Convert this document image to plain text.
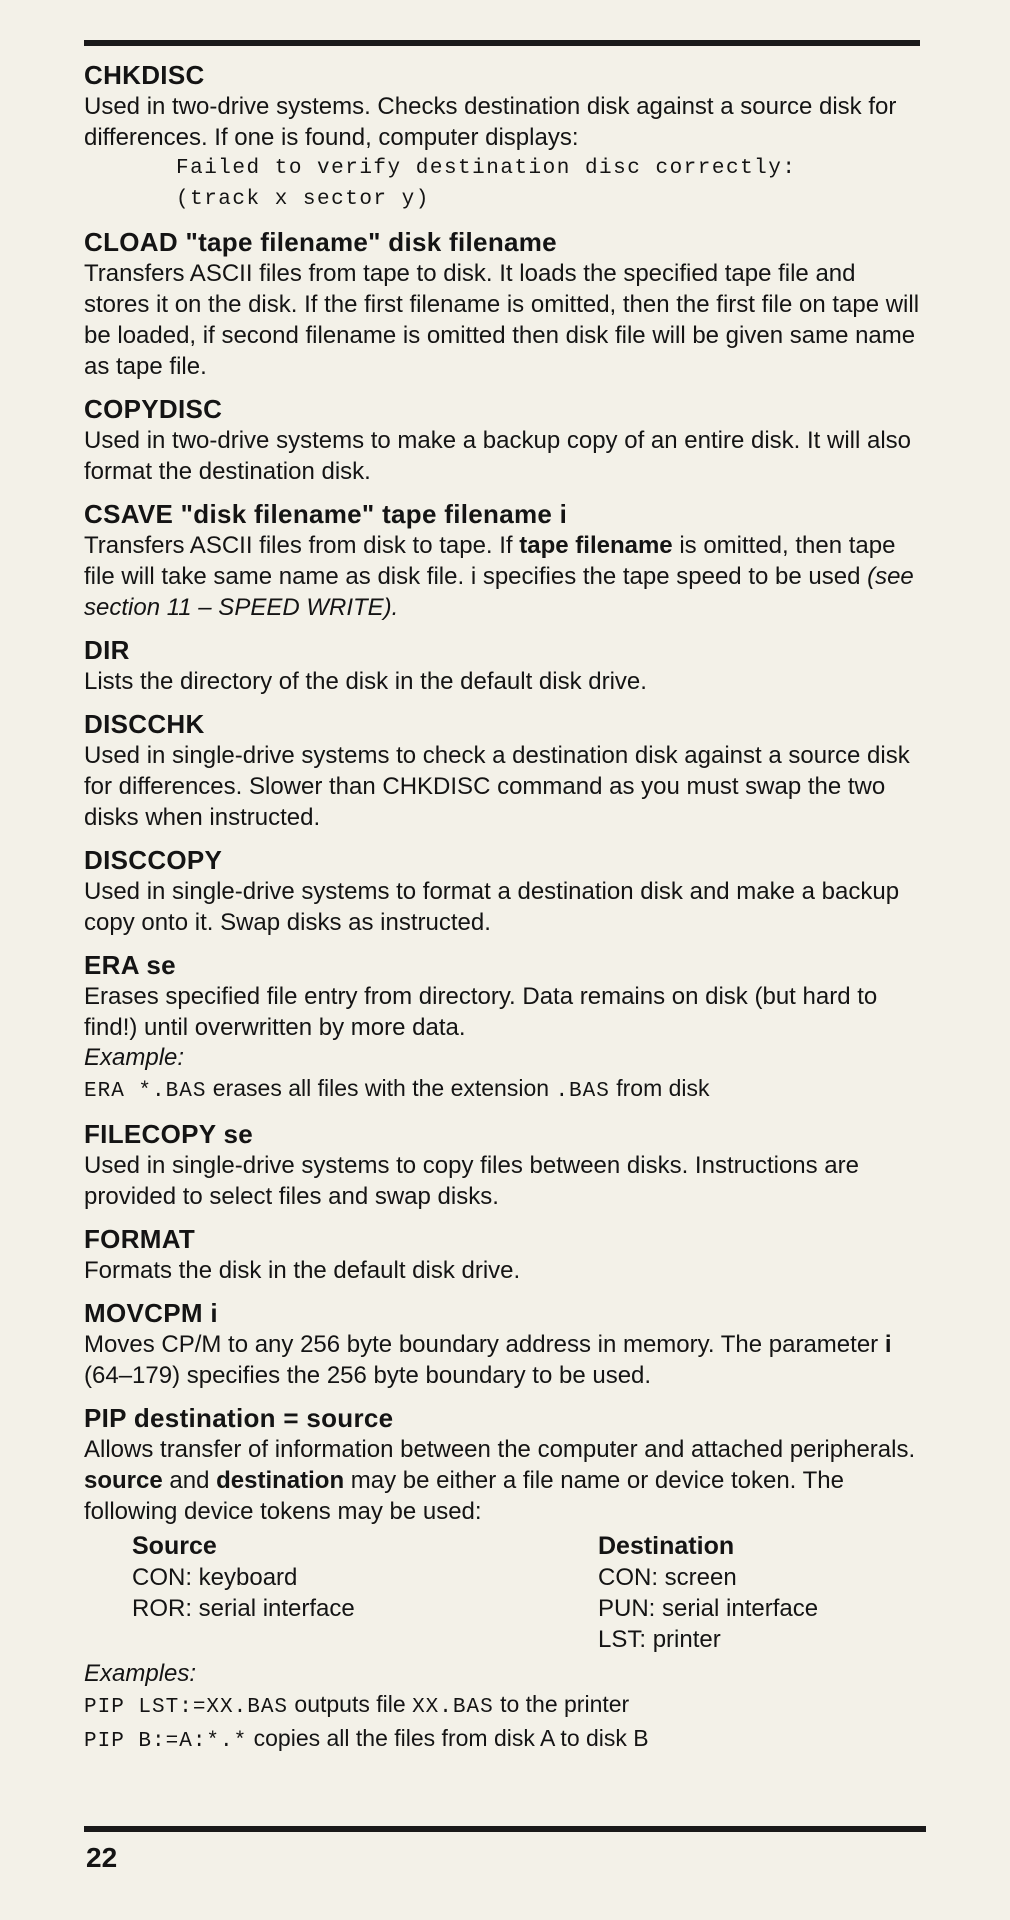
CHKDISC
Used in two-drive systems. Checks destination disk against a source disk for differences. If one is found, computer displays:
Failed to verify destination disc correctly:
(track x sector y)
CLOAD "tape filename" disk filename
Transfers ASCII files from tape to disk. It loads the specified tape file and stores it on the disk. If the first filename is omitted, then the first file on tape will be loaded, if second filename is omitted then disk file will be given same name as tape file.
COPYDISC
Used in two-drive systems to make a backup copy of an entire disk. It will also format the destination disk.
CSAVE "disk filename" tape filename i
Transfers ASCII files from disk to tape. If tape filename is omitted, then tape file will take same name as disk file. i specifies the tape speed to be used (see section 11 – SPEED WRITE).
DIR
Lists the directory of the disk in the default disk drive.
DISCCHK
Used in single-drive systems to check a destination disk against a source disk for differences. Slower than CHKDISC command as you must swap the two disks when instructed.
DISCCOPY
Used in single-drive systems to format a destination disk and make a backup copy onto it. Swap disks as instructed.
ERA se
Erases specified file entry from directory. Data remains on disk (but hard to find!) until overwritten by more data.
Example:
ERA *.BAS erases all files with the extension .BAS from disk
FILECOPY se
Used in single-drive systems to copy files between disks. Instructions are provided to select files and swap disks.
FORMAT
Formats the disk in the default disk drive.
MOVCPM i
Moves CP/M to any 256 byte boundary address in memory. The parameter i (64–179) specifies the 256 byte boundary to be used.
PIP destination = source
Allows transfer of information between the computer and attached peripherals. source and destination may be either a file name or device token. The following device tokens may be used:
Source
CON: keyboard
ROR: serial interface
Destination
CON: screen
PUN: serial interface
LST: printer
Examples:
PIP LST:=XX.BAS outputs file XX.BAS to the printer
PIP B:=A:*.* copies all the files from disk A to disk B
22
